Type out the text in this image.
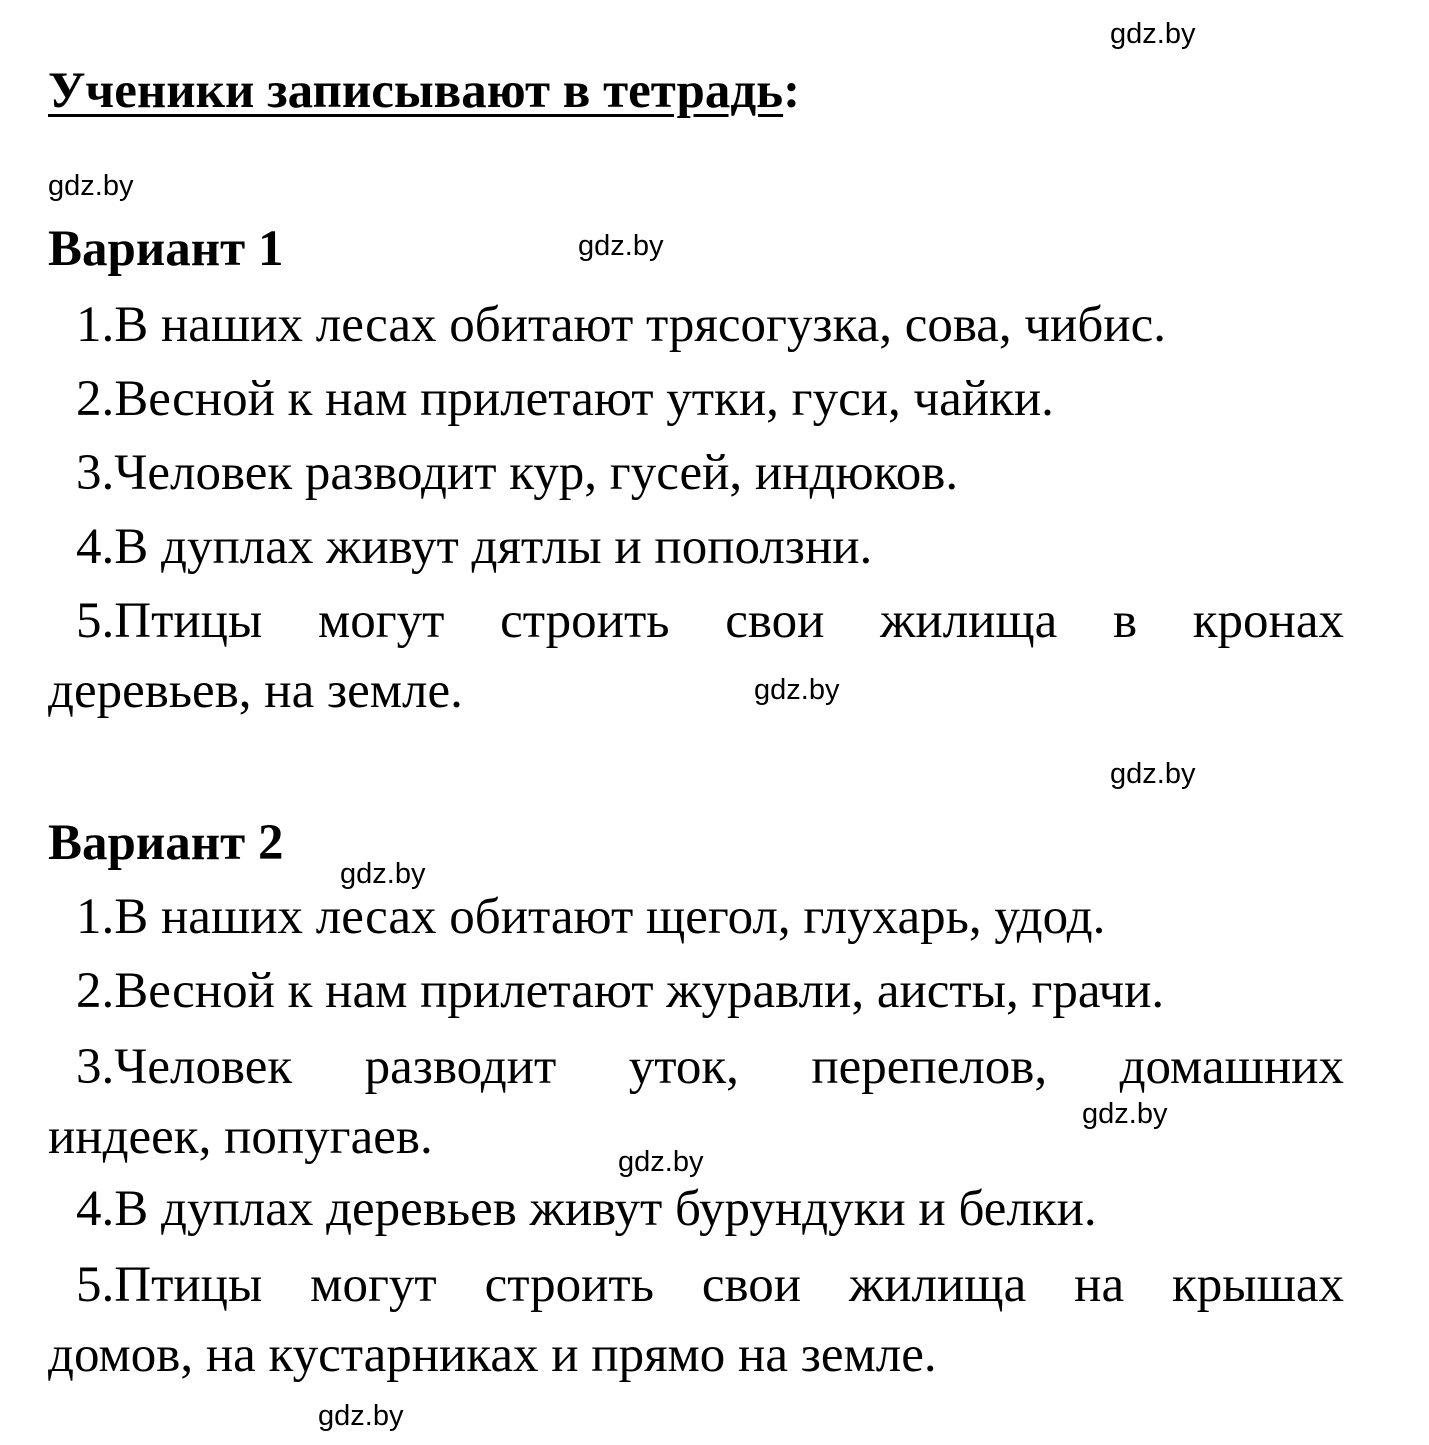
gdz.by
gdz.by
gdz.by
gdz.by
gdz.by
gdz.by
gdz.by
gdz.by
gdz.by
Ученики записывают в тетрадь:
Вариант 1
1.В наших лесах обитают трясогузка, сова, чибис.
2.Весной к нам прилетают утки, гуси, чайки.
3.Человек разводит кур, гусей, индюков.
4.В дуплах живут дятлы и поползни.
5.Птицы могут строить свои жилища в кронах
деревьев, на земле.
Вариант 2
1.В наших лесах обитают щегол, глухарь, удод.
2.Весной к нам прилетают журавли, аисты, грачи.
3.Человек разводит уток, перепелов, домашних
индеек, попугаев.
4.В дуплах деревьев живут бурундуки и белки.
5.Птицы могут строить свои жилища на крышах
домов, на кустарниках и прямо на земле.
